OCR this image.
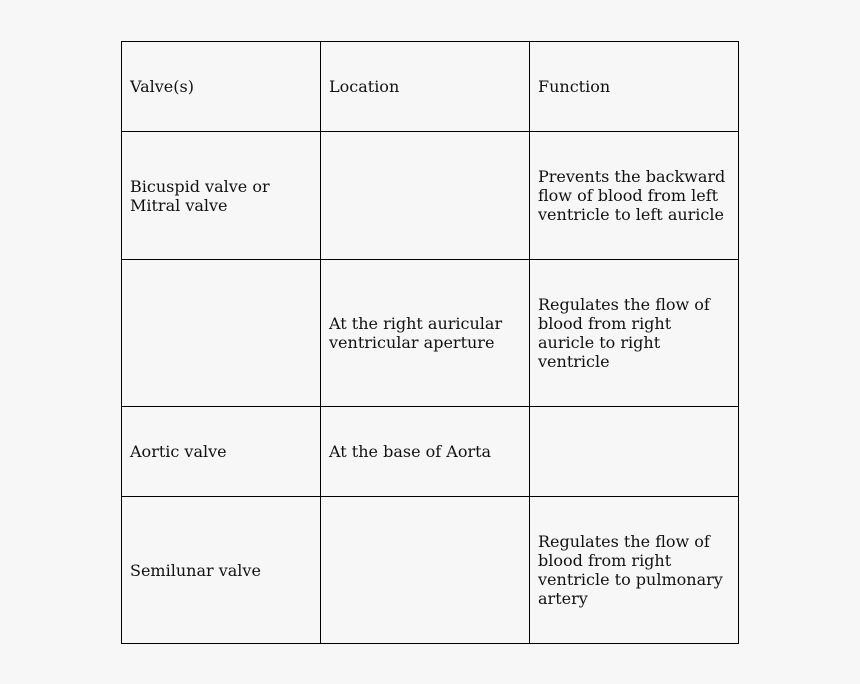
Valve(s)	Location	Function

Bicuspid valve or Mitral valve		Prevents the backward flow of blood from left ventricle to left auricle

	At the right auricular ventricular aperture	Regulates the flow of blood from right auricle to right ventricle

Aortic valve	At the base of Aorta	

Semilunar valve		Regulates the flow of blood from right ventricle to pulmonary artery
